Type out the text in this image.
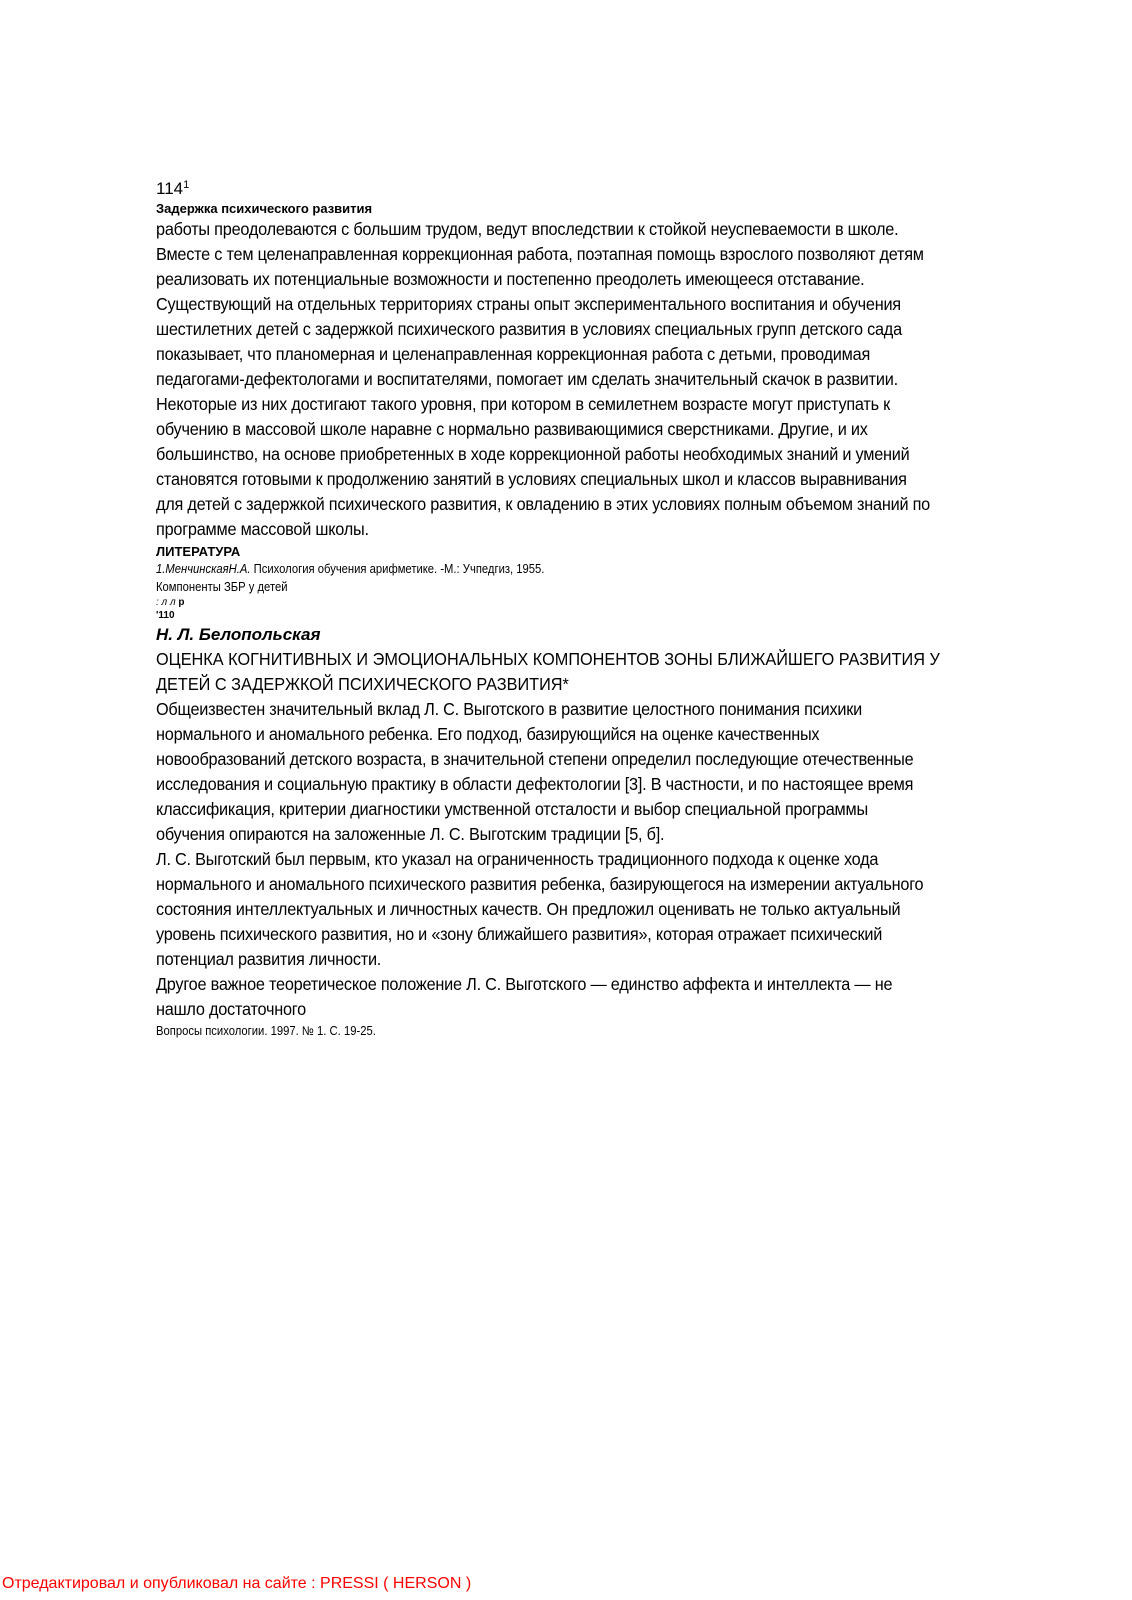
$114^1$
Задержка психического развития
работы преодолеваются с большим трудом, ведут впоследствии к стойкой неуспеваемости в школе.
Вместе с тем целенаправленная коррекционная работа, поэтапная помощь взрослого позволяют детям
реализовать их потенциальные возможности и постепенно преодолеть имеющееся отставание.
Существующий на отдельных территориях страны опыт экспериментального воспитания и обучения
шестилетних детей с задержкой психического развития в условиях специальных групп детского сада
показывает, что планомерная и целенаправленная коррекционная работа с детьми, проводимая
педагогами-дефектологами и воспитателями, помогает им сделать значительный скачок в развитии.
Некоторые из них достигают такого уровня, при котором в семилетнем возрасте могут приступать к
обучению в массовой школе наравне с нормально развивающимися сверстниками. Другие, и их
большинство, на основе приобретенных в ходе коррекционной работы необходимых знаний и умений
становятся готовыми к продолжению занятий в условиях специальных школ и классов выравнивания
для детей с задержкой психического развития, к овладению в этих условиях полным объемом знаний по
программе массовой школы.
ЛИТЕРАТУРА
1.МенчинскаяН.А. Психология обучения арифметике. -М.: Учпедгиз, 1955.
Компоненты ЗБР у детей
: л л р
'110
Н. Л. Белопольская
ОЦЕНКА КОГНИТИВНЫХ И ЭМОЦИОНАЛЬНЫХ КОМПОНЕНТОВ ЗОНЫ БЛИЖАЙШЕГО РАЗВИТИЯ У
ДЕТЕЙ С ЗАДЕРЖКОЙ ПСИХИЧЕСКОГО РАЗВИТИЯ*
Общеизвестен значительный вклад Л. С. Выготского в развитие целостного понимания психики
нормального и аномального ребенка. Его подход, базирующийся на оценке качественных
новообразований детского возраста, в значительной степени определил последующие отечественные
исследования и социальную практику в области дефектологии [3]. В частности, и по настоящее время
классификация, критерии диагностики умственной отсталости и выбор специальной программы
обучения опираются на заложенные Л. С. Выготским традиции [5, б].
Л. С. Выготский был первым, кто указал на ограниченность традиционного подхода к оценке хода
нормального и аномального психического развития ребенка, базирующегося на измерении актуального
состояния интеллектуальных и личностных качеств. Он предложил оценивать не только актуальный
уровень психического развития, но и «зону ближайшего развития», которая отражает психический
потенциал развития личности.
Другое важное теоретическое положение Л. С. Выготского — единство аффекта и интеллекта — не
нашло достаточного
Вопросы психологии. 1997. № 1. С. 19-25.
Отредактировал и опубликовал на сайте : PRESSI ( HERSON )
